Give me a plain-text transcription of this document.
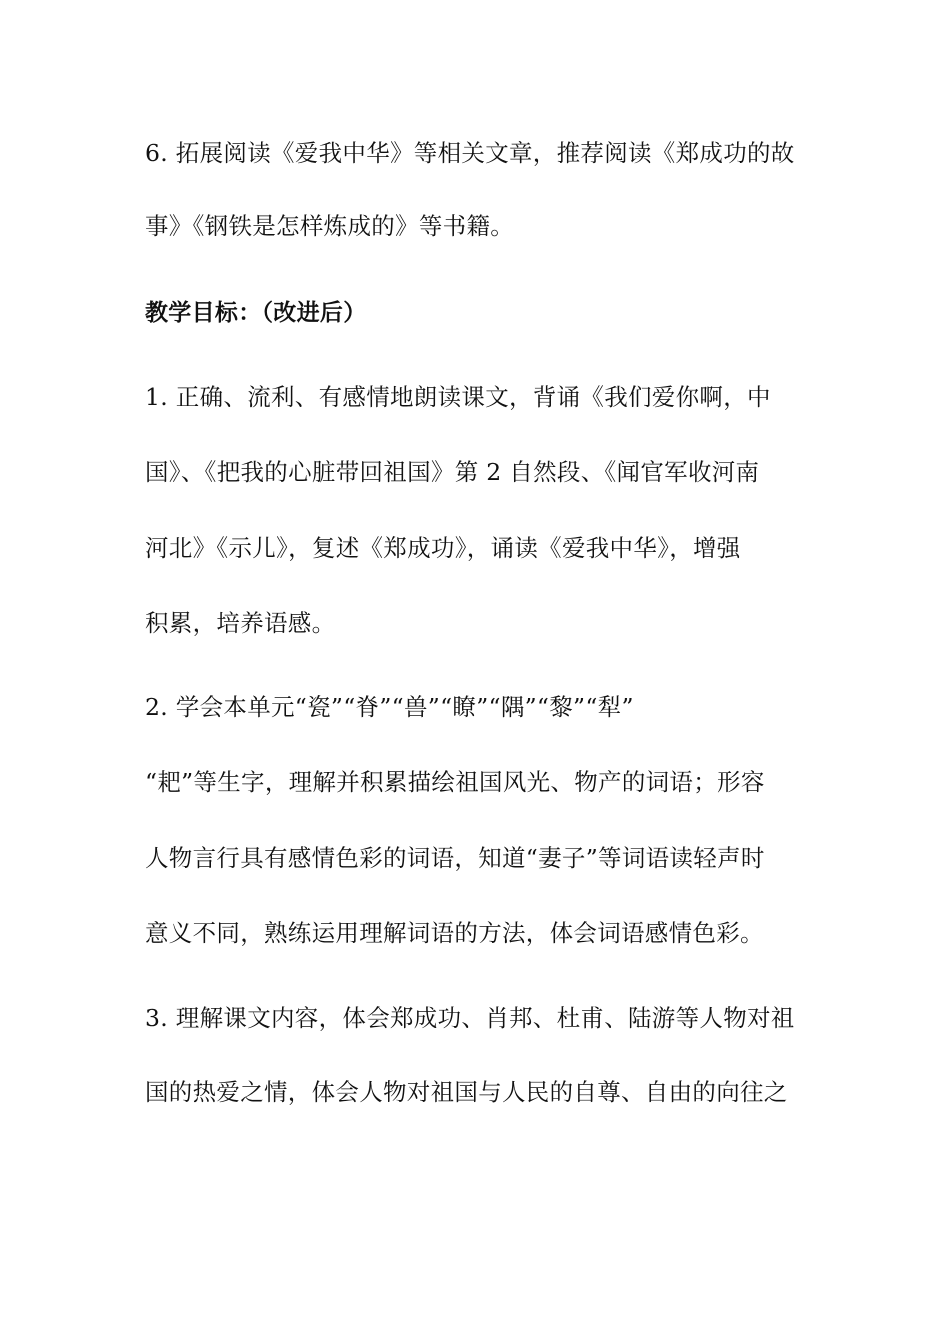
6. 拓展阅读《爱我中华》等相关文章，推荐阅读《郑成功的故
事》《钢铁是怎样炼成的》等书籍。
教学目标：（改进后）
1. 正确、流利、有感情地朗读课文，背诵《我们爱你啊，中
国》、《把我的心脏带回祖国》第 2 自然段、《闻官军收河南
河北》《示儿》，复述《郑成功》，诵读《爱我中华》，增强
积累，培养语感。
2. 学会本单元“瓷”“脊”“兽”“瞭”“隅”“黎”“犁”
“耙”等生字，理解并积累描绘祖国风光、物产的词语；形容
人物言行具有感情色彩的词语，知道“妻子”等词语读轻声时
意义不同，熟练运用理解词语的方法，体会词语感情色彩。
3. 理解课文内容，体会郑成功、肖邦、杜甫、陆游等人物对祖
国的热爱之情，体会人物对祖国与人民的自尊、自由的向往之
